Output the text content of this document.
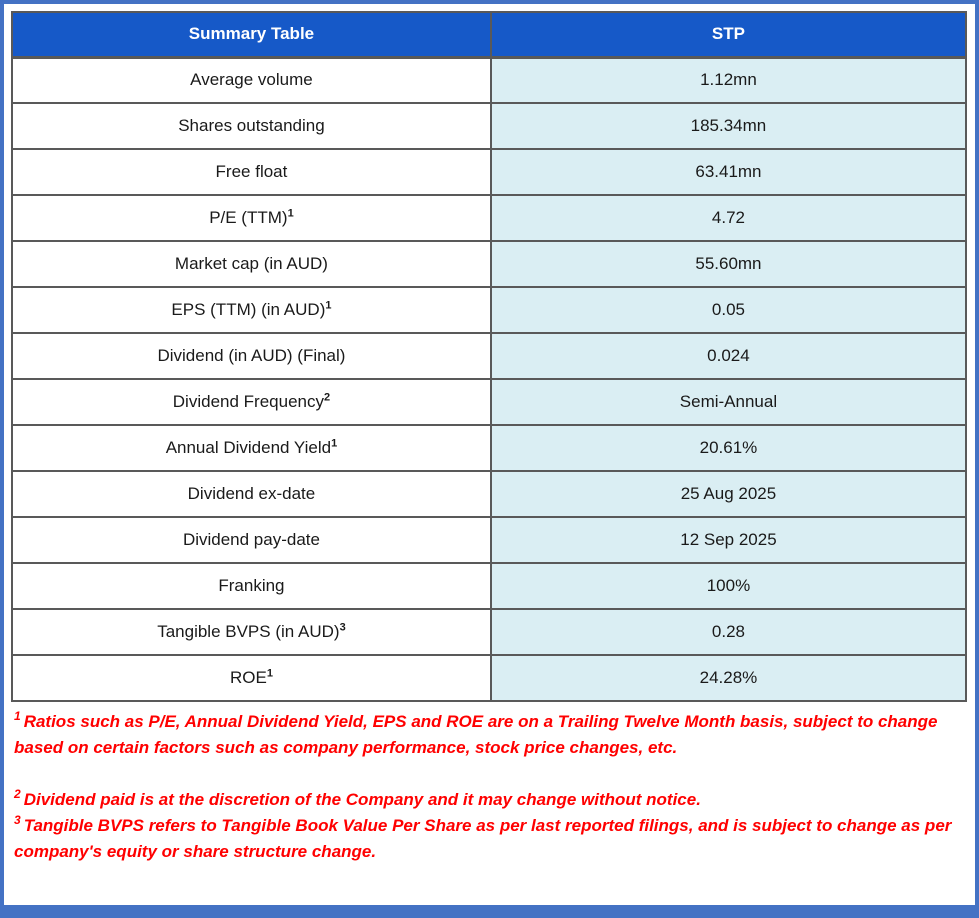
Summary Table	STP
Average volume	1.12mn
Shares outstanding	185.34mn
Free float	63.41mn
P/E (TTM)$^1$	4.72
Market cap (in AUD)	55.60mn
EPS (TTM) (in AUD)$^1$	0.05
Dividend (in AUD) (Final)	0.024
Dividend Frequency$^2$	Semi-Annual
Annual Dividend Yield$^1$	20.61%
Dividend ex-date	25 Aug 2025
Dividend pay-date	12 Sep 2025
Franking	100%
Tangible BVPS (in AUD)$^3$	0.28
ROE$^1$	24.28%

$^1$ Ratios such as P/E, Annual Dividend Yield, EPS and ROE are on a Trailing Twelve Month basis, subject to change based on certain factors such as company performance, stock price changes, etc.

$^2$ Dividend paid is at the discretion of the Company and it may change without notice.

$^3$ Tangible BVPS refers to Tangible Book Value Per Share as per last reported filings, and is subject to change as per company's equity or share structure change.
